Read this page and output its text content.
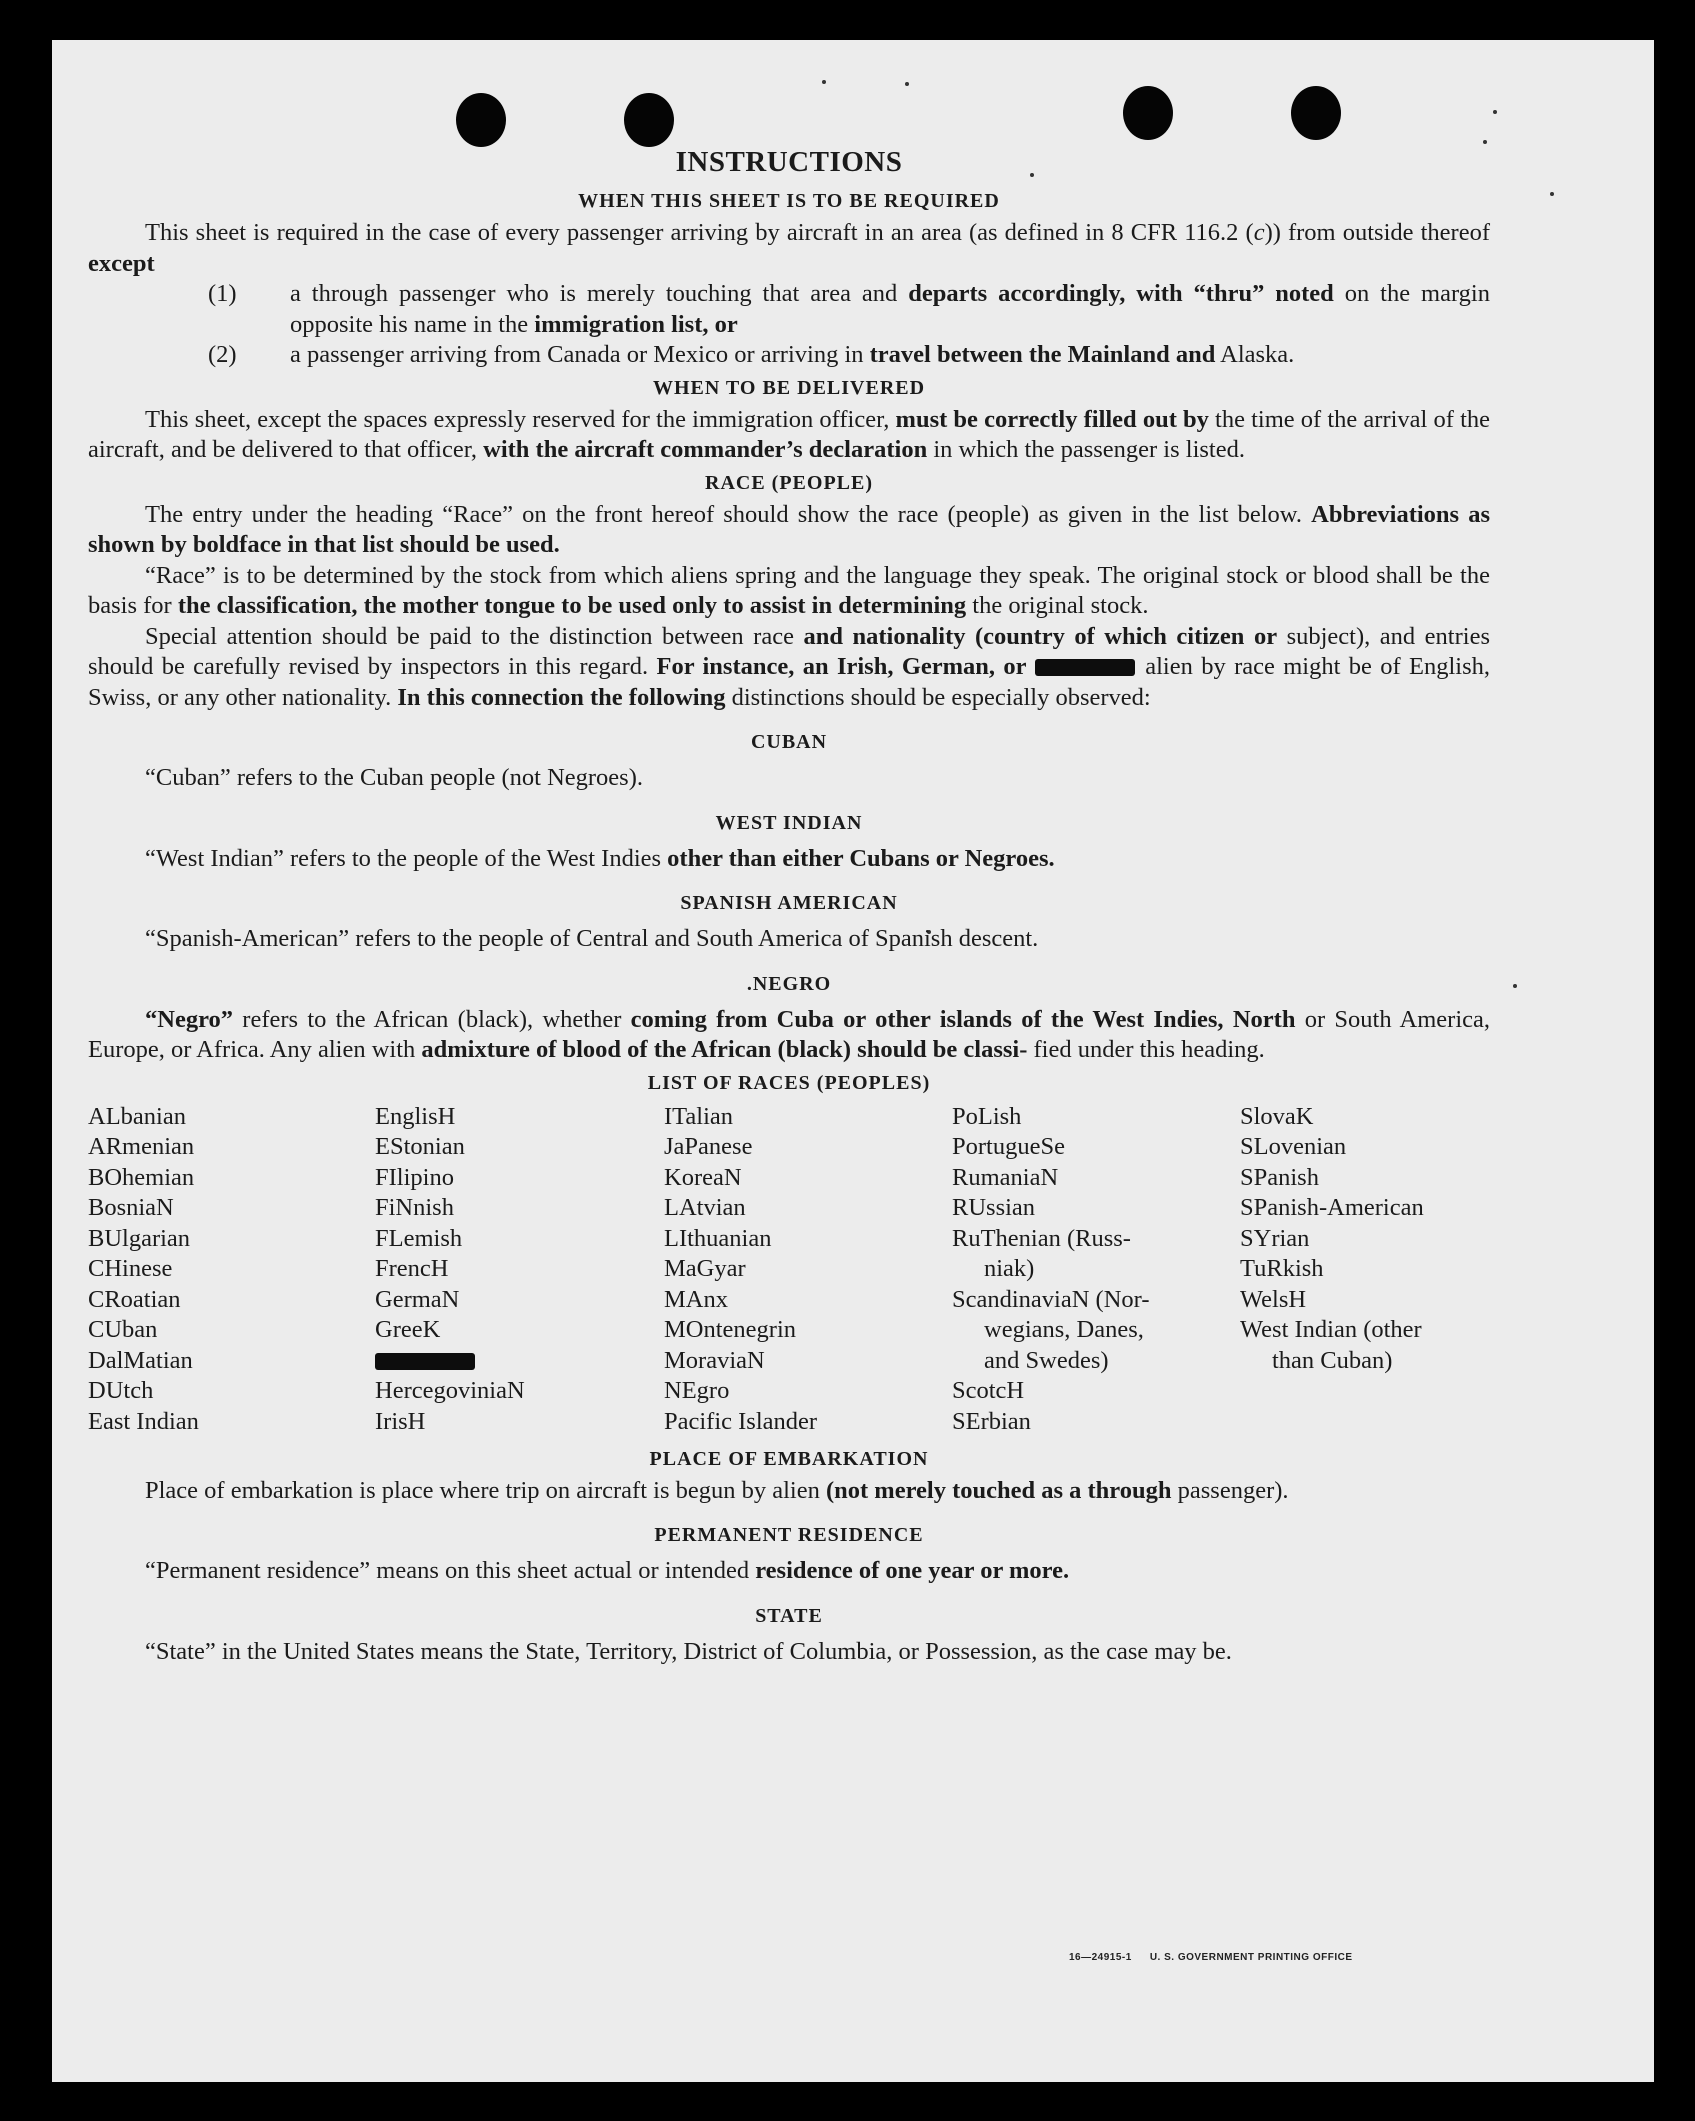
INSTRUCTIONS
WHEN THIS SHEET IS TO BE REQUIRED

This sheet is required in the case of every passenger arriving by aircraft in an area (as defined in 8 CFR 116.2 (c)) from outside thereof except

(1) a through passenger who is merely touching that area and departs accordingly, with “thru” noted on the margin opposite his name in the immigration list, or
(2) a passenger arriving from Canada or Mexico or arriving in travel between the Mainland and Alaska.
WHEN TO BE DELIVERED

This sheet, except the spaces expressly reserved for the immigration officer, must be correctly filled out by the time of the arrival of the aircraft, and be delivered to that officer, with the aircraft commander’s declaration in which the passenger is listed.

RACE (PEOPLE)

The entry under the heading “Race” on the front hereof should show the race (people) as given in the list below. Abbreviations as shown by boldface in that list should be used.

“Race” is to be determined by the stock from which aliens spring and the language they speak. The original stock or blood shall be the basis for the classification, the mother tongue to be used only to assist in determining the original stock.

Special attention should be paid to the distinction between race and nationality (country of which citizen or subject), and entries should be carefully revised by inspectors in this regard. For instance, an Irish, German, or	alien by race might be of English, Swiss, or any other nationality. In this connection the following distinctions should be especially observed:

CUBAN

“Cuban” refers to the Cuban people (not Negroes).

WEST INDIAN

“West Indian” refers to the people of the West Indies other than either Cubans or Negroes.

SPANISH AMERICAN

“Spanish-American” refers to the people of Central and South America of Spanish descent.

.NEGRO

“Negro” refers to the African (black), whether coming from Cuba or other islands of the West Indies, North or South America, Europe, or Africa. Any alien with admixture of blood of the African (black) should be classi- fied under this heading.

LIST OF RACES (PEOPLES)
ALbanian
ARmenian
BOhemian
BosniaN
BUlgarian
CHinese
CRoatian
CUban
DalMatian
DUtch
East Indian
EnglisH
EStonian
FIlipino
FiNnish
FLemish
FrencH
GermaN
GreeK
HercegoviniaN
IrisH
ITalian
JaPanese
KoreaN
LAtvian
LIthuanian
MaGyar
MAnx
MOntenegrin
MoraviaN
NEgro
Pacific Islander
PoLish
PortugueSe
RumaniaN
RUssian
RuThenian (Russ-
niak)
ScandinaviaN (Nor-
wegians, Danes,
and Swedes)
ScotcH
SErbian
SlovaK
SLovenian
SPanish
SPanish-American
SYrian
TuRkish
WelsH
West Indian (other
than Cuban)
PLACE OF EMBARKATION

Place of embarkation is place where trip on aircraft is begun by alien (not merely touched as a through passenger).

PERMANENT RESIDENCE

“Permanent residence” means on this sheet actual or intended residence of one year or more.

STATE

“State” in the United States means the State, Territory, District of Columbia, or Possession, as the case may be.

16—24915-1 U. S. GOVERNMENT PRINTING OFFICE
